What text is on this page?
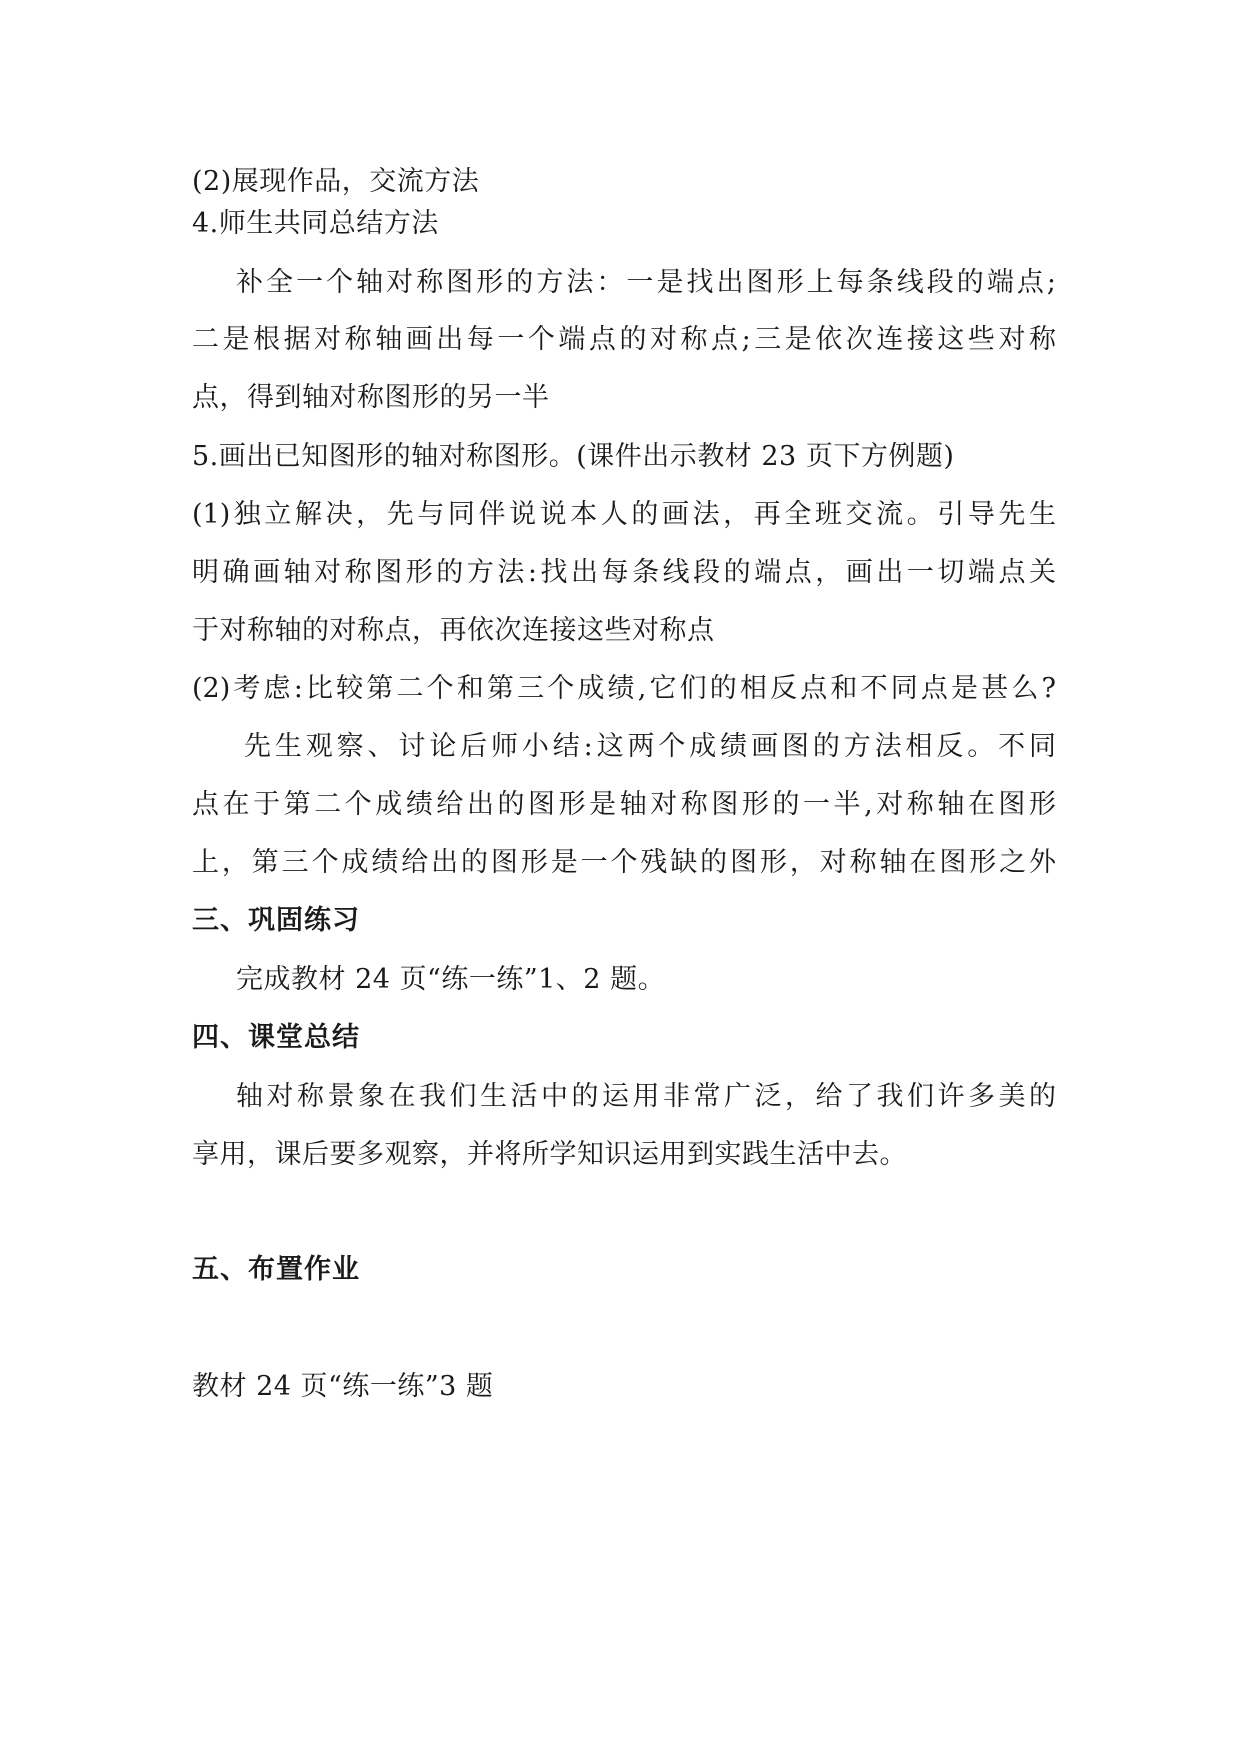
(2)展现作品，交流方法
4.师生共同总结方法
补全一个轴对称图形的方法：一是找出图形上每条线段的端点;
二是根据对称轴画出每一个端点的对称点;三是依次连接这些对称
点，得到轴对称图形的另一半
5.画出已知图形的轴对称图形。(课件出示教材 23 页下方例题)
(1)独立解决，先与同伴说说本人的画法，再全班交流。引导先生
明确画轴对称图形的方法:找出每条线段的端点，画出一切端点关
于对称轴的对称点，再依次连接这些对称点
(2)考虑:比较第二个和第三个成绩,它们的相反点和不同点是甚么?
先生观察、讨论后师小结:这两个成绩画图的方法相反。不同
点在于第二个成绩给出的图形是轴对称图形的一半,对称轴在图形
上，第三个成绩给出的图形是一个残缺的图形，对称轴在图形之外
三、巩固练习
完成教材 24 页“练一练”1、2 题。
四、课堂总结
轴对称景象在我们生活中的运用非常广泛，给了我们许多美的
享用，课后要多观察，并将所学知识运用到实践生活中去。
五、布置作业
教材 24 页“练一练”3 题
